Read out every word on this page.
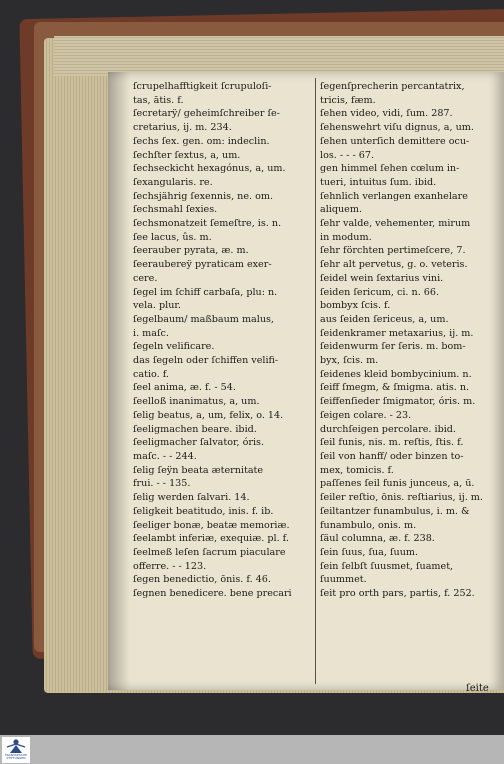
ſcrupelhafftigkeit ſcrupuloſi-
tas, ātis. f.
ſecretarÿ/ geheimſchreiber ſe-
cretarius, ij. m. 234.
ſechs ſex. gen. om: indeclin.
ſechſter ſextus, a, um.
ſechseckicht hexagónus, a, um.
ſexangularis. re.
ſechsjährig ſexennis, ne. om.
ſechsmahl ſexies.
ſechsmonatzeit ſemeſtre, is. n.
ſee lacus, ûs. m.
ſeerauber pyrata, æ. m.
ſeeraubereÿ pyraticam exer-
cere.
ſegel im ſchiff carbaſa, plu: n.
vela. plur.
ſegelbaum/ maßbaum malus,
i. maſc.
ſegeln velificare.
das ſegeln oder ſchiffen velifi-
catio. f.
ſeel anima, æ. f. - 54.
ſeelloß inanimatus, a, um.
ſelig beatus, a, um, felix, o. 14.
ſeeligmachen beare. ibid.
ſeeligmacher ſalvator, óris.
maſc. - - 244.
ſelig ſeÿn beata æternitate
frui. - - 135.
ſelig werden ſalvari. 14.
ſeligkeit beatitudo, inis. f. ib.
ſeeliger bonæ, beatæ memoriæ.
ſeelambt inferiæ, exequiæ. pl. f.
ſeelmeß leſen ſacrum piaculare
offerre. - - 123.
ſegen benedictio, ōnis. f. 46.
ſegnen benedicere. bene precari
ſegenſprecherin percantatrix,
tricis, fæm.
ſehen video, vidi, ſum. 287.
ſehenswehrt viſu dignus, a, um.
ſehen unterſich demittere ocu-
los. - - - 67.
gen himmel ſehen cœlum in-
tueri, intuitus ſum. ibid.
ſehnlich verlangen exanhelare
aliquem.
ſehr valde, vehementer, mirum
in modum.
ſehr förchten pertimeſcere, 7.
ſehr alt pervetus, g. o. veteris.
ſeidel wein ſextarius vini.
ſeiden ſericum, ci. n. 66.
bombyx ſcis. f.
aus ſeiden ſericeus, a, um.
ſeidenkramer metaxarius, ij. m.
ſeidenwurm ſer ſeris. m. bom-
byx, ſcis. m.
ſeidenes kleid bombycinium. n.
ſeiff ſmegm, & ſmigma. atis. n.
ſeiffenſieder ſmigmator, óris. m.
ſeigen colare. - 23.
durchſeigen percolare. ibid.
ſeil funis, nis. m. reſtis, ſtis. f.
ſeil von hanff/ oder binzen to-
mex, tomicis. f.
paſſenes ſeil funis junceus, a, ū.
ſeiler reſtio, ōnis. reſtiarius, ij. m.
ſeiltantzer funambulus, i. m. &
funambulo, onis. m.
ſäul columna, æ. f. 238.
ſein ſuus, ſua, ſuum.
ſein ſelbſt ſuusmet, ſuamet,
ſuummet.
ſeit pro orth pars, partis, f. 252.
ſeite
FRANCKESCHE
STIFTUNGEN
